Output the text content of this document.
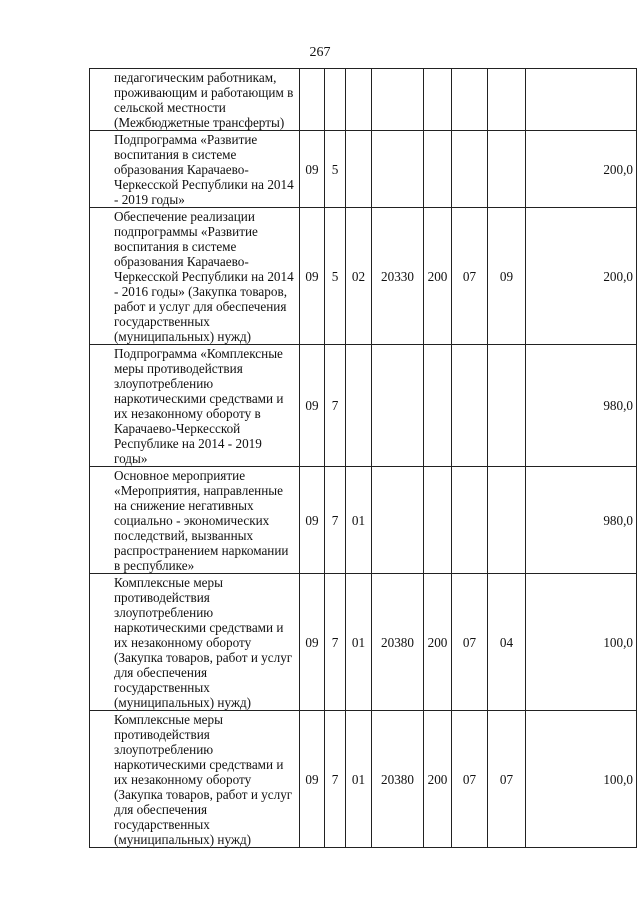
267
педагогическим работникам, проживающим и работающим в сельской местности (Межбюджетные трансферты)								
Подпрограмма «Развитие воспитания в системе образования Карачаево-Черкесской Республики на 2014 - 2019 годы»	09	5						200,0
Обеспечение реализации подпрограммы «Развитие воспитания в системе образования Карачаево-Черкесской Республики на 2014 - 2016 годы» (Закупка товаров, работ и услуг для обеспечения государственных (муниципальных) нужд)	09	5	02	20330	200	07	09	200,0
Подпрограмма «Комплексные меры противодействия злоупотреблению наркотическими средствами и их незаконному обороту в Карачаево-Черкесской Республике на 2014 - 2019 годы»	09	7						980,0
Основное мероприятие «Мероприятия, направленные на снижение негативных социально - экономических последствий, вызванных распространением наркомании в республике»	09	7	01					980,0
Комплексные меры противодействия злоупотреблению наркотическими средствами и их незаконному обороту (Закупка товаров, работ и услуг для обеспечения государственных (муниципальных) нужд)	09	7	01	20380	200	07	04	100,0
Комплексные меры противодействия злоупотреблению наркотическими средствами и их незаконному обороту (Закупка товаров, работ и услуг для обеспечения государственных (муниципальных) нужд)	09	7	01	20380	200	07	07	100,0
